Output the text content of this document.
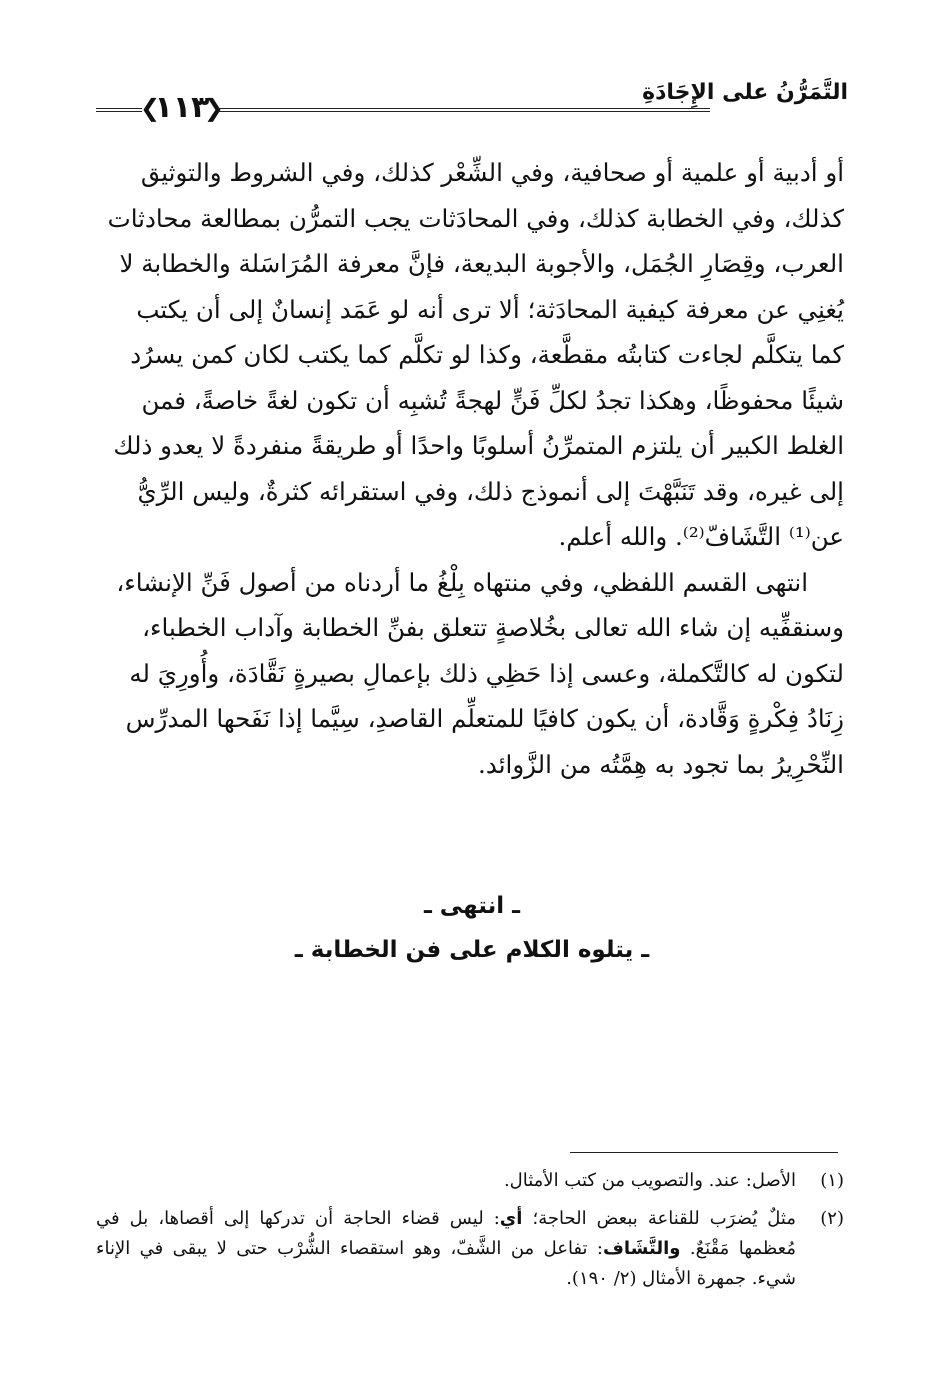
❮ ١١٣ ❯	التَّمَرُّنُ على الإِجَادَةِ

أو أدبية أو علمية أو صحافية، وفي الشِّعْر كذلك، وفي الشروط والتوثيق كذلك، وفي الخطابة كذلك، وفي المحادَثات يجب التمرُّن بمطالعة محادثات العرب، وقِصَارِ الجُمَل، والأجوبة البديعة، فإنَّ معرفة المُرَاسَلة والخطابة لا يُغنِي عن معرفة كيفية المحادَثة؛ ألا ترى أنه لو عَمَد إنسانٌ إلى أن يكتب كما يتكلَّم لجاءت كتابتُه مقطَّعة، وكذا لو تكلَّم كما يكتب لكان كمن يسرُد شيئًا محفوظًا، وهكذا تجدُ لكلِّ فَنٍّ لهجةً تُشبِه أن تكون لغةً خاصةً، فمن الغلط الكبير أن يلتزم المتمرِّنُ أسلوبًا واحدًا أو طريقةً منفردةً لا يعدو ذلك إلى غيره، وقد تَنَبَّهْتَ إلى أنموذج ذلك، وفي استقرائه كثرةٌ، وليس الرِّيُّ عن⁽¹⁾ التَّشَافّ⁽²⁾. والله أعلم.

انتهى القسم اللفظي، وفي منتهاه بِلْغُ ما أردناه من أصول فَنِّ الإنشاء، وسنقفِّيه إن شاء الله تعالى بخُلاصةٍ تتعلق بفنِّ الخطابة وآداب الخطباء، لتكون له كالتَّكملة، وعسى إذا حَظِي ذلك بإعمالِ بصيرةٍ نَقَّادَة، وأُورِيَ له زِنَادُ فِكْرةٍ وَقَّادة، أن يكون كافيًا للمتعلِّم القاصدِ، سِيَّما إذا نَفَحها المدرِّس النِّحْرِيرُ بما تجود به هِمَّتُه من الزَّوائد.

ـ انتهى ـ
ـ يتلوه الكلام على فن الخطابة ـ
(١)
الأصل: عند. والتصويب من كتب الأمثال.
(٢)
مثلٌ يُضرَب للقناعة ببعض الحاجة؛ أي: ليس قضاء الحاجة أن تدركها إلى أقصاها، بل في مُعظمها مَقْنَعٌ. والتَّشَاف: تفاعل من الشَّفّ، وهو استقصاء الشُّرْب حتى لا يبقى في الإناء شيء. جمهرة الأمثال (٢/ ١٩٠).
